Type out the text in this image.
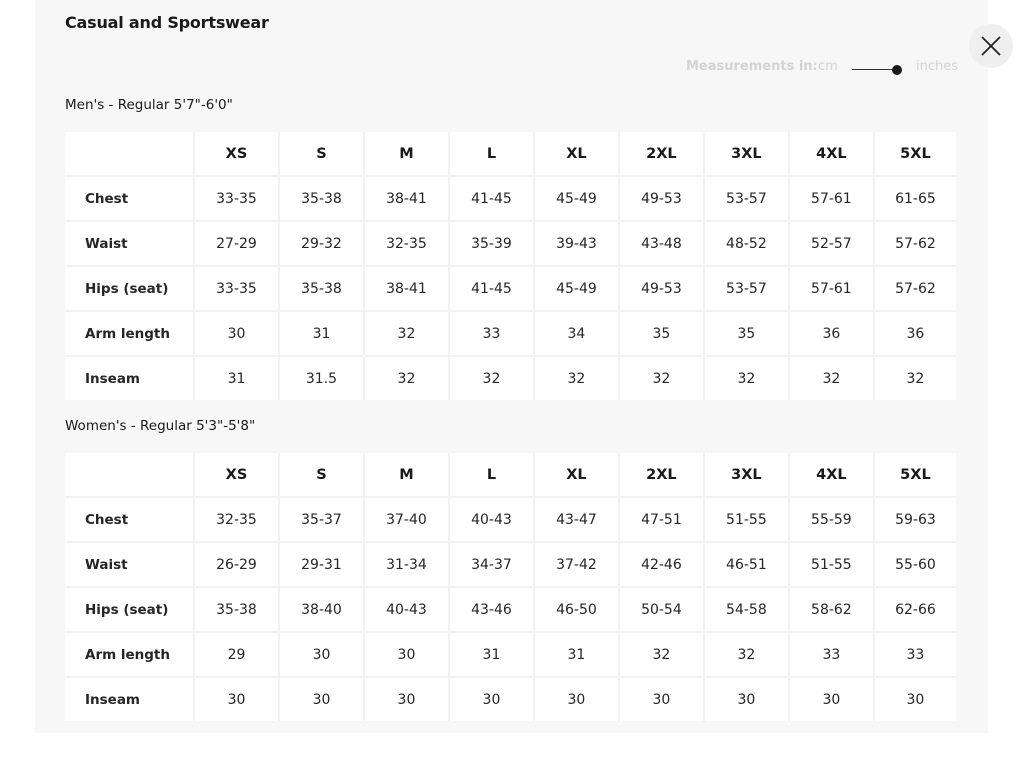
Casual and Sportswear
Measurements in: cm	inches
Men's - Regular 5'7"-6'0"
	XS	S	M	L	XL	2XL	3XL	4XL	5XL
Chest	33-35	35-38	38-41	41-45	45-49	49-53	53-57	57-61	61-65
Waist	27-29	29-32	32-35	35-39	39-43	43-48	48-52	52-57	57-62
Hips (seat)	33-35	35-38	38-41	41-45	45-49	49-53	53-57	57-61	57-62
Arm length	30	31	32	33	34	35	35	36	36
Inseam	31	31.5	32	32	32	32	32	32	32
Women's - Regular 5'3"-5'8"
	XS	S	M	L	XL	2XL	3XL	4XL	5XL
Chest	32-35	35-37	37-40	40-43	43-47	47-51	51-55	55-59	59-63
Waist	26-29	29-31	31-34	34-37	37-42	42-46	46-51	51-55	55-60
Hips (seat)	35-38	38-40	40-43	43-46	46-50	50-54	54-58	58-62	62-66
Arm length	29	30	30	31	31	32	32	33	33
Inseam	30	30	30	30	30	30	30	30	30
